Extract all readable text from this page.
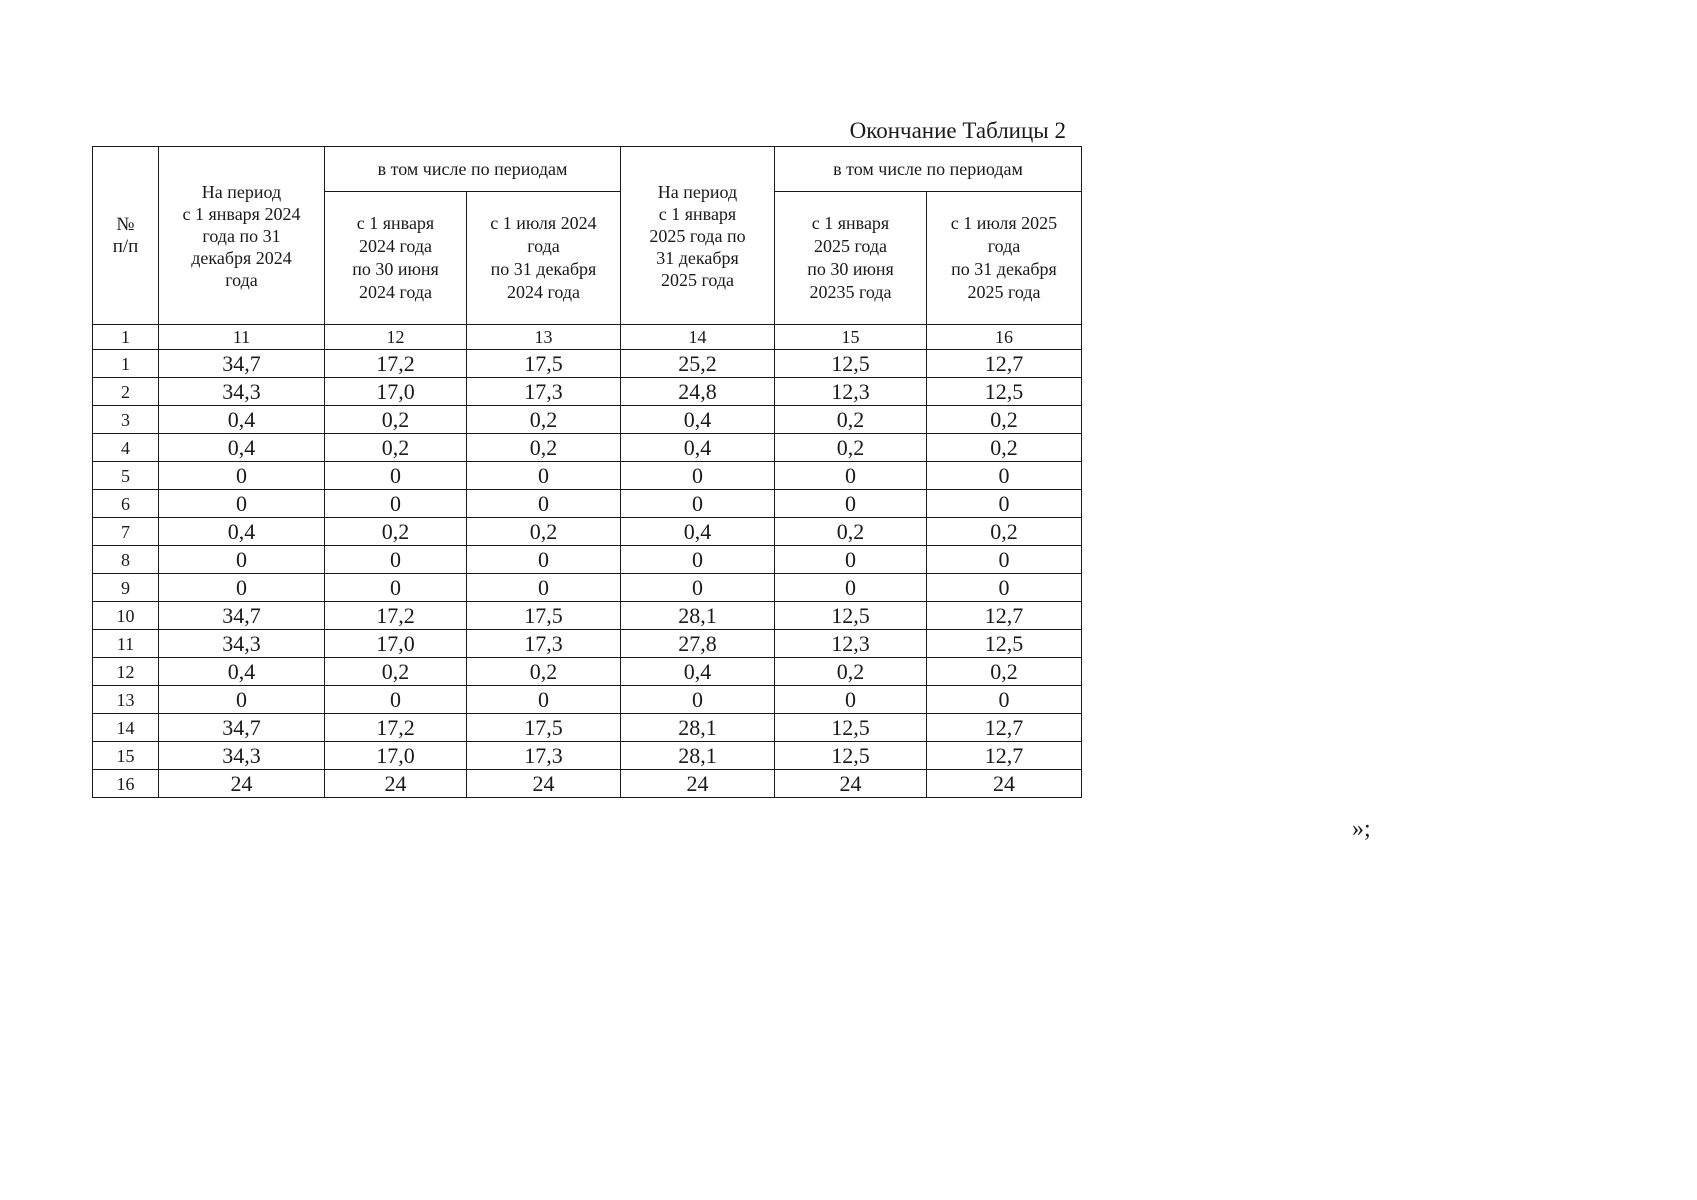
Окончание Таблицы 2
№
п/п	На период
с 1 января 2024
года по 31
декабря 2024
года	в том числе по периодам		На период
с 1 января
2025 года по
31 декабря
2025 года	в том числе по периодам	

		с 1 января
2024 года
по 30 июня
2024 года	с 1 июля 2024
года
по 31 декабря
2024 года		с 1 января
2025 года
по 30 июня
20235 года	с 1 июля 2025
года
по 31 декабря
2025 года

1	11	12	13	14	15	16
1	34,7	17,2	17,5	25,2	12,5	12,7
2	34,3	17,0	17,3	24,8	12,3	12,5
3	0,4	0,2	0,2	0,4	0,2	0,2
4	0,4	0,2	0,2	0,4	0,2	0,2
5	0	0	0	0	0	0
6	0	0	0	0	0	0
7	0,4	0,2	0,2	0,4	0,2	0,2
8	0	0	0	0	0	0
9	0	0	0	0	0	0
10	34,7	17,2	17,5	28,1	12,5	12,7
11	34,3	17,0	17,3	27,8	12,3	12,5
12	0,4	0,2	0,2	0,4	0,2	0,2
13	0	0	0	0	0	0
14	34,7	17,2	17,5	28,1	12,5	12,7
15	34,3	17,0	17,3	28,1	12,5	12,7
16	24	24	24	24	24	24
»;
